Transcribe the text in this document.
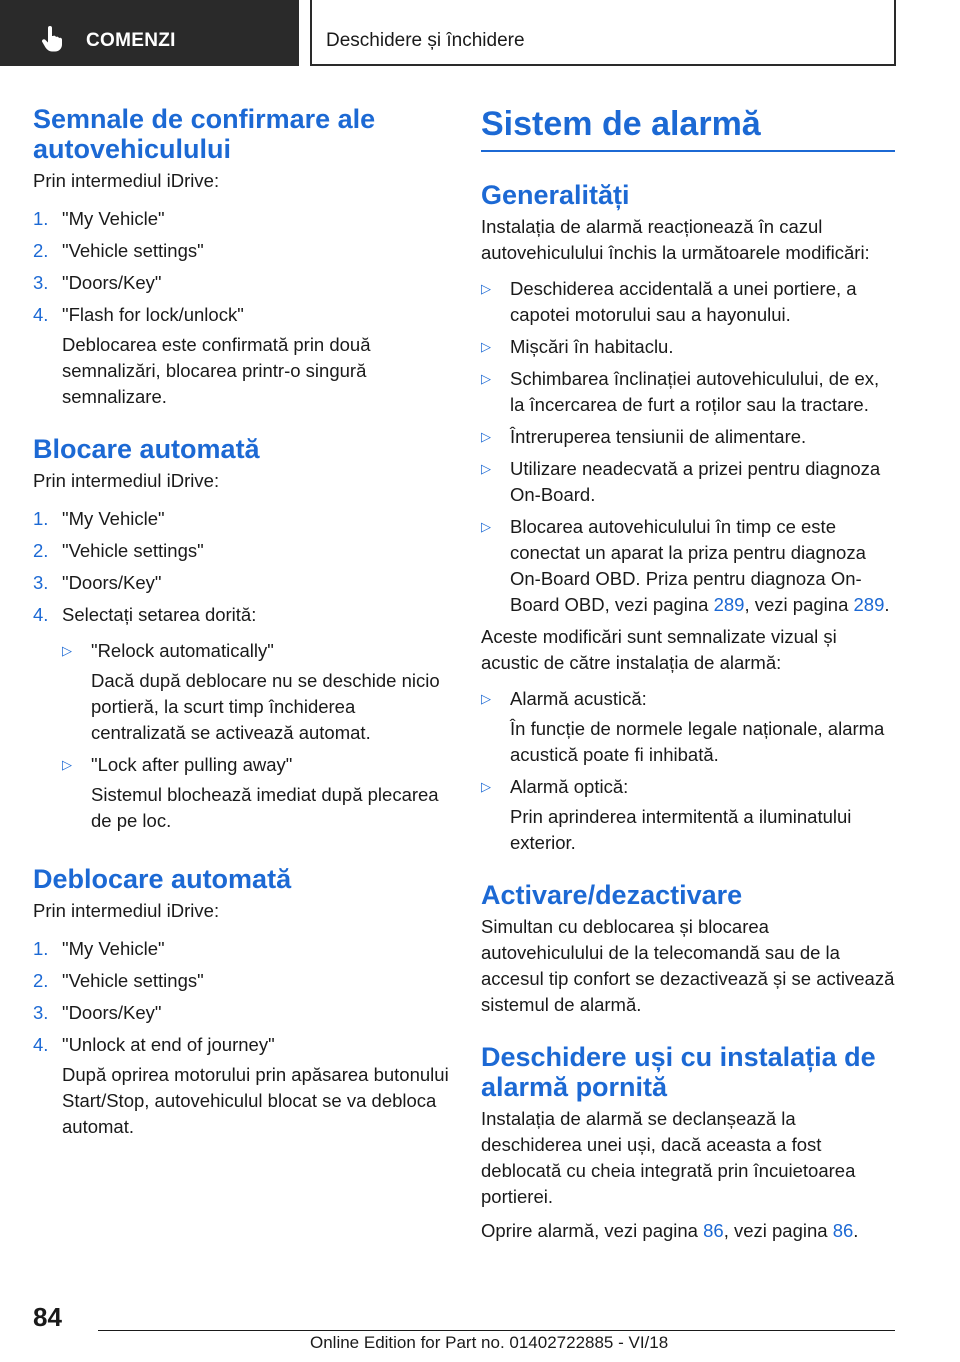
COMENZI	Deschidere și închidere
Semnale de confirmare ale autovehiculului

Prin intermediul iDrive:

1. "My Vehicle"
2. "Vehicle settings"
3. "Doors/Key"
4. "Flash for lock/unlock"
Deblocarea este confirmată prin două semnalizări, blocarea printr-o singură semnalizare.
Blocare automată

Prin intermediul iDrive:

1. "My Vehicle"
2. "Vehicle settings"
3. "Doors/Key"
4. Selectați setarea dorită:
▷	"Relock automatically"
Dacă după deblocare nu se deschide nicio portieră, la scurt timp închiderea centralizată se activează automat.
▷	"Lock after pulling away"
Sistemul blochează imediat după plecarea de pe loc.
Deblocare automată

Prin intermediul iDrive:

1. "My Vehicle"
2. "Vehicle settings"
3. "Doors/Key"
4. "Unlock at end of journey"
După oprirea motorului prin apăsarea butonului Start/Stop, autovehiculul blocat se va debloca automat.
Sistem de alarmă
Generalități

Instalația de alarmă reacționează în cazul autovehiculului închis la următoarele modificări:

▷	Deschiderea accidentală a unei portiere, a capotei motorului sau a hayonului.
▷	Mișcări în habitaclu.
▷	Schimbarea înclinației autovehiculului, de ex, la încercarea de furt a roților sau la tractare.
▷	Întreruperea tensiunii de alimentare.
▷	Utilizare neadecvată a prizei pentru diagnoza On-Board.
▷	Blocarea autovehiculului în timp ce este conectat un aparat la priza pentru diagnoza On-Board OBD. Priza pentru diagnoza On-Board OBD, vezi pagina 289, vezi pagina 289.

Aceste modificări sunt semnalizate vizual și acustic de către instalația de alarmă:

▷	Alarmă acustică:
În funcție de normele legale naționale, alarma acustică poate fi inhibată.
▷	Alarmă optică:
Prin aprinderea intermitentă a iluminatului exterior.
Activare/dezactivare

Simultan cu deblocarea și blocarea autovehiculului de la telecomandă sau de la accesul tip confort se dezactivează și se activează sistemul de alarmă.

Deschidere uși cu instalația de alarmă pornită

Instalația de alarmă se declanșează la deschiderea unei uși, dacă aceasta a fost deblocată cu cheia integrată prin încuietoarea portierei.

Oprire alarmă, vezi pagina 86, vezi pagina 86.

84
Online Edition for Part no. 01402722885 - VI/18
